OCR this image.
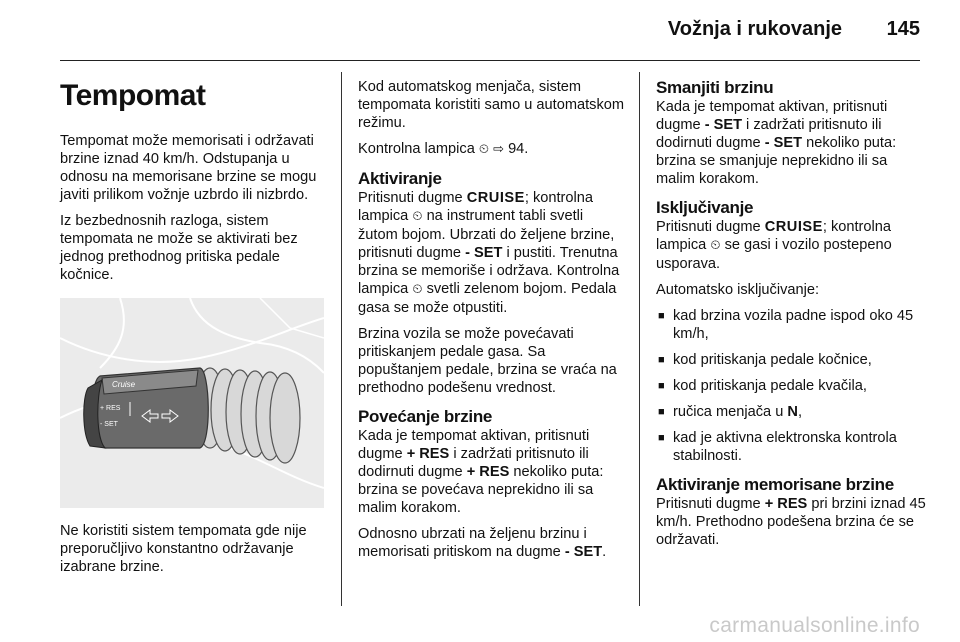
Vožnja i rukovanje 145
Tempomat

Tempomat može memorisati i održavati brzine iznad 40 km/h. Odstupanja u odnosu na memorisane brzine se mogu javiti prilikom vožnje uzbrdo ili nizbrdo.

Iz bezbednosnih razloga, sistem tempomata ne može se aktivirati bez jednog prethodnog pritiska pedale kočnice.

Cruise
+ RES
- SET

Ne koristiti sistem tempomata gde nije preporučljivo konstantno održavanje izabrane brzine.

Kod automatskog menjača, sistem tempomata koristiti samo u automatskom režimu.

Kontrolna lampica ⏲ ⇨ 94.

Aktiviranje

Pritisnuti dugme CRUISE; kontrolna lampica ⏲ na instrument tabli svetli žutom bojom. Ubrzati do željene brzine, pritisnuti dugme - SET i pustiti. Trenutna brzina se memoriše i održava. Kontrolna lampica ⏲ svetli zelenom bojom. Pedala gasa se može otpustiti.

Brzina vozila se može povećavati pritiskanjem pedale gasa. Sa popuštanjem pedale, brzina se vraća na prethodno podešenu vrednost.

Povećanje brzine

Kada je tempomat aktivan, pritisnuti dugme + RES i zadržati pritisnuto ili dodirnuti dugme + RES nekoliko puta: brzina se povećava neprekidno ili sa malim korakom.

Odnosno ubrzati na željenu brzinu i memorisati pritiskom na dugme - SET.

Smanjiti brzinu

Kada je tempomat aktivan, pritisnuti dugme - SET i zadržati pritisnuto ili dodirnuti dugme - SET nekoliko puta: brzina se smanjuje neprekidno ili sa malim korakom.

Isključivanje

Pritisnuti dugme CRUISE; kontrolna lampica ⏲ se gasi i vozilo postepeno usporava.

Automatsko isključivanje:

■ kad brzina vozila padne ispod oko 45 km/h,
■ kod pritiskanja pedale kočnice,
■ kod pritiskanja pedale kvačila,
■ ručica menjača u N,
■ kad je aktivna elektronska kontrola stabilnosti.
Aktiviranje memorisane brzine

Pritisnuti dugme + RES pri brzini iznad 45 km/h. Prethodno podešena brzina će se održavati.

carmanualsonline.info
